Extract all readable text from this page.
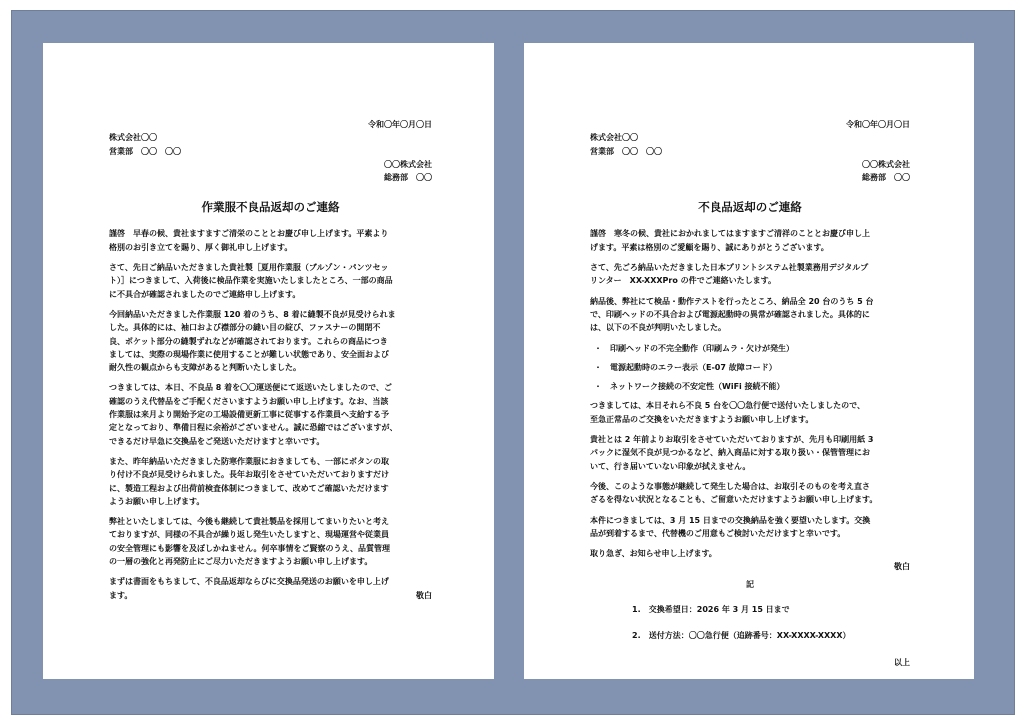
令和〇年〇月〇日
株式会社〇〇
営業部　〇〇　〇〇
〇〇株式会社
総務部　〇〇
作業服不良品返却のご連絡

謹啓　早春の候、貴社ますますご清栄のこととお慶び申し上げます。平素より
格別のお引き立てを賜り、厚く御礼申し上げます。

さて、先日ご納品いただきました貴社製［夏用作業服（ブルゾン・パンツセッ
ト）］につきまして、入荷後に検品作業を実施いたしましたところ、一部の商品
に不具合が確認されましたのでご連絡申し上げます。

今回納品いただきました作業服 120 着のうち、8 着に縫製不良が見受けられま
した。具体的には、袖口および襟部分の縫い目の綻び、ファスナーの開閉不
良、ポケット部分の縫製ずれなどが確認されております。これらの商品につき
ましては、実際の現場作業に使用することが難しい状態であり、安全面および
耐久性の観点からも支障があると判断いたしました。

つきましては、本日、不良品 8 着を〇〇運送便にて返送いたしましたので、ご
確認のうえ代替品をご手配くださいますようお願い申し上げます。なお、当該
作業服は来月より開始予定の工場設備更新工事に従事する作業員へ支給する予
定となっており、準備日程に余裕がございません。誠に恐縮ではございますが、
できるだけ早急に交換品をご発送いただけますと幸いです。

また、昨年納品いただきました防寒作業服におきましても、一部にボタンの取
り付け不良が見受けられました。長年お取引をさせていただいておりますだけ
に、製造工程および出荷前検査体制につきまして、改めてご確認いただけます
ようお願い申し上げます。

弊社といたしましては、今後も継続して貴社製品を採用してまいりたいと考え
ておりますが、同様の不具合が繰り返し発生いたしますと、現場運営や従業員
の安全管理にも影響を及ぼしかねません。何卒事情をご賢察のうえ、品質管理
の一層の強化と再発防止にご尽力いただきますようお願い申し上げます。

まずは書面をもちまして、不良品返却ならびに交換品発送のお願いを申し上げ
ます。	敬白
令和〇年〇月〇日
株式会社〇〇
営業部　〇〇　〇〇
〇〇株式会社
総務部　〇〇
不良品返却のご連絡

謹啓　寒冬の候、貴社におかれましてはますますご清祥のこととお慶び申し上
げます。平素は格別のご愛顧を賜り、誠にありがとうございます。

さて、先ごろ納品いただきました日本プリントシステム社製業務用デジタルプ
リンター　XX-XXXPro の件でご連絡いたします。

納品後、弊社にて検品・動作テストを行ったところ、納品全 20 台のうち 5 台
で、印刷ヘッドの不具合および電源起動時の異常が確認されました。具体的に
は、以下の不良が判明いたしました。

・　印刷ヘッドの不完全動作（印刷ムラ・欠けが発生）
・　電源起動時のエラー表示（E-07 故障コード）
・　ネットワーク接続の不安定性（WiFi 接続不能）

つきましては、本日それら不良 5 台を〇〇急行便で送付いたしましたので、
至急正常品のご交換をいただきますようお願い申し上げます。

貴社とは 2 年前よりお取引をさせていただいておりますが、先月も印刷用紙 3
パックに湿気不良が見つかるなど、納入商品に対する取り扱い・保管管理にお
いて、行き届いていない印象が拭えません。

今後、このような事態が継続して発生した場合は、お取引そのものを考え直さ
ざるを得ない状況となることも、ご留意いただけますようお願い申し上げます。

本件につきましては、3 月 15 日までの交換納品を強く要望いたします。交換
品が到着するまで、代替機のご用意もご検討いただけますと幸いです。

取り急ぎ、お知らせ申し上げます。

敬白
記
1. 交換希望日：2026 年 3 月 15 日まで
2. 送付方法：〇〇急行便（追跡番号：XX-XXXX-XXXX）
以上
